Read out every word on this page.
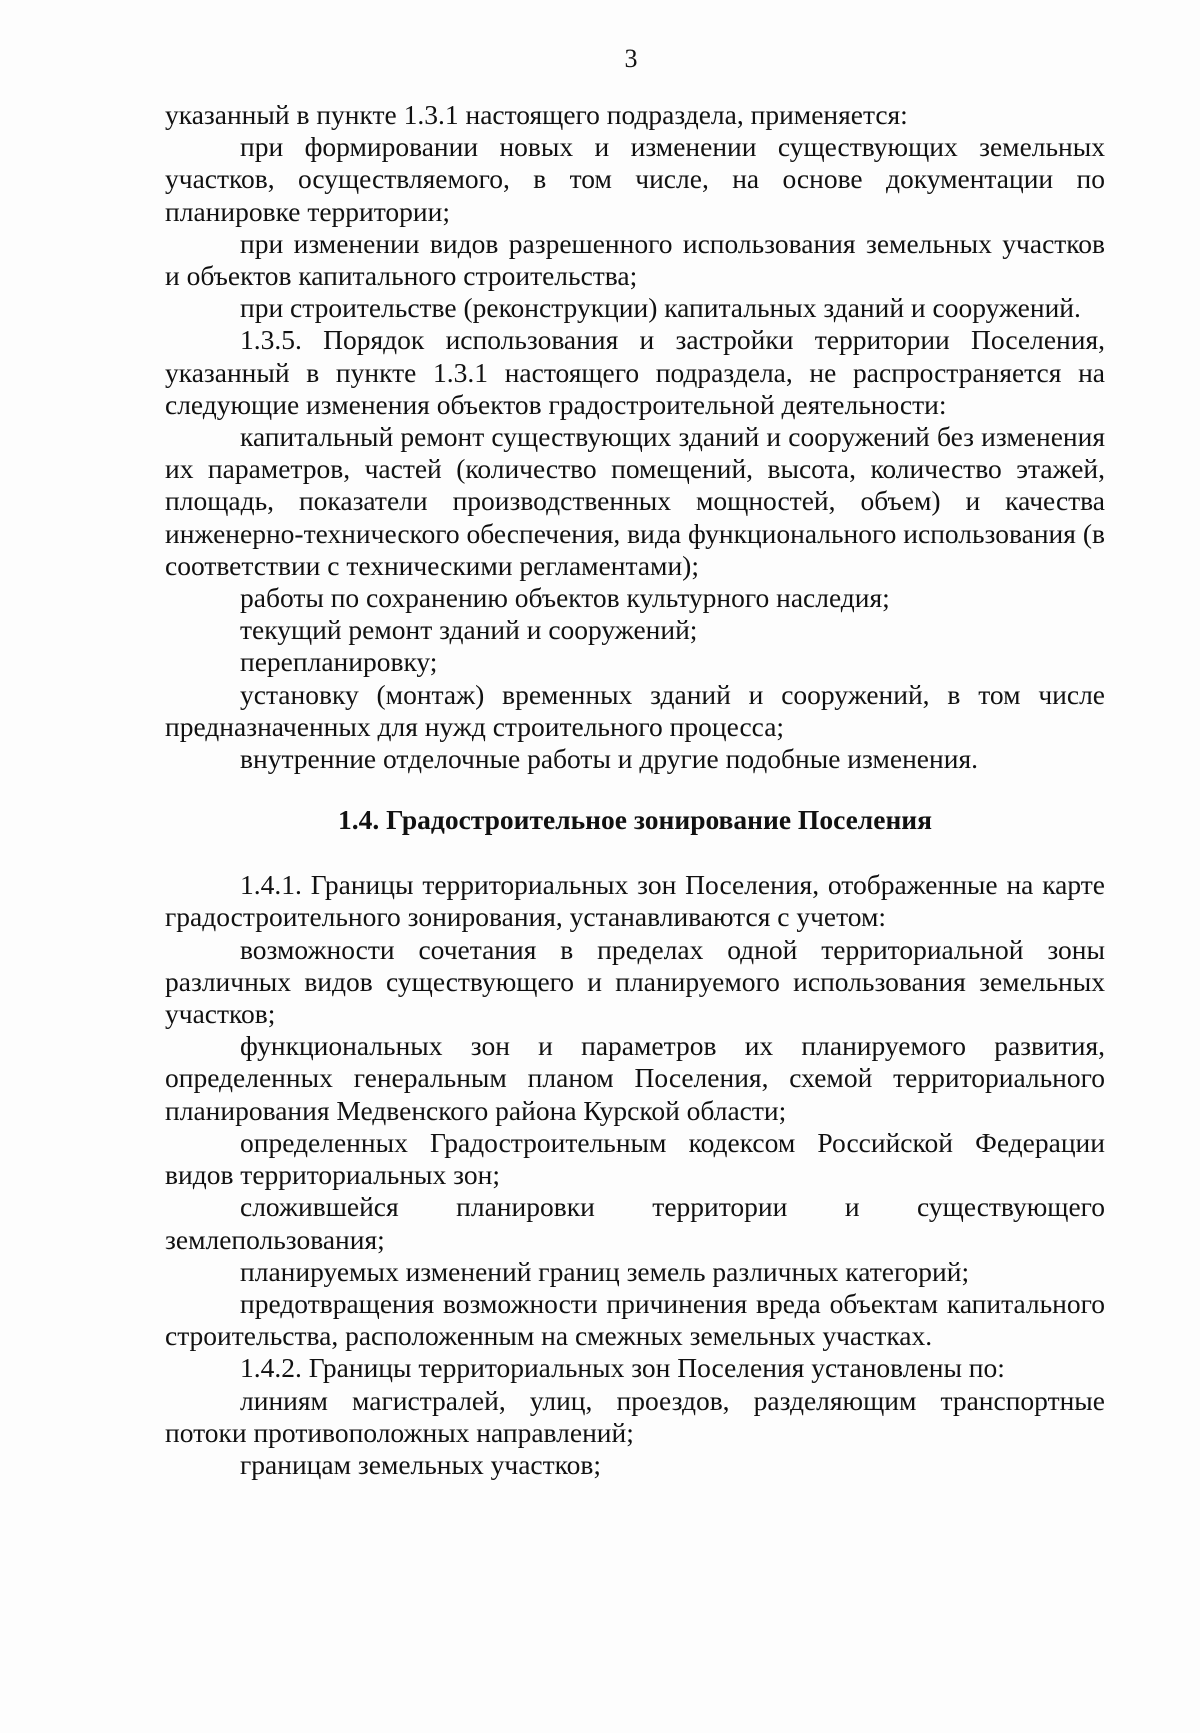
3

указанный в пункте 1.3.1 настоящего подраздела, применяется:

при формировании новых и изменении существующих земельных участков, осуществляемого, в том числе, на основе документации по планировке территории;

при изменении видов разрешенного использования земельных участков и объектов капитального строительства;

при строительстве (реконструкции) капитальных зданий и сооружений.

1.3.5. Порядок использования и застройки территории Поселения, указанный в пункте 1.3.1 настоящего подраздела, не распространяется на следующие изменения объектов градостроительной деятельности:

капитальный ремонт существующих зданий и сооружений без изменения их параметров, частей (количество помещений, высота, количество этажей, площадь, показатели производственных мощностей, объем) и качества инженерно-технического обеспечения, вида функционального использования (в соответствии с техническими регламентами);

работы по сохранению объектов культурного наследия;

текущий ремонт зданий и сооружений;

перепланировку;

установку (монтаж) временных зданий и сооружений, в том числе предназначенных для нужд строительного процесса;

внутренние отделочные работы и другие подобные изменения.

1.4. Градостроительное зонирование Поселения

1.4.1. Границы территориальных зон Поселения, отображенные на карте градостроительного зонирования, устанавливаются с учетом:

возможности сочетания в пределах одной территориальной зоны различных видов существующего и планируемого использования земельных участков;

функциональных зон и параметров их планируемого развития, определенных генеральным планом Поселения, схемой территориального планирования Медвенского района Курской области;

определенных Градостроительным кодексом Российской Федерации видов территориальных зон;

сложившейся планировки территории и существующего землепользования;

планируемых изменений границ земель различных категорий;

предотвращения возможности причинения вреда объектам капитального строительства, расположенным на смежных земельных участках.

1.4.2. Границы территориальных зон Поселения установлены по:

линиям магистралей, улиц, проездов, разделяющим транспортные потоки противоположных направлений;

границам земельных участков;
